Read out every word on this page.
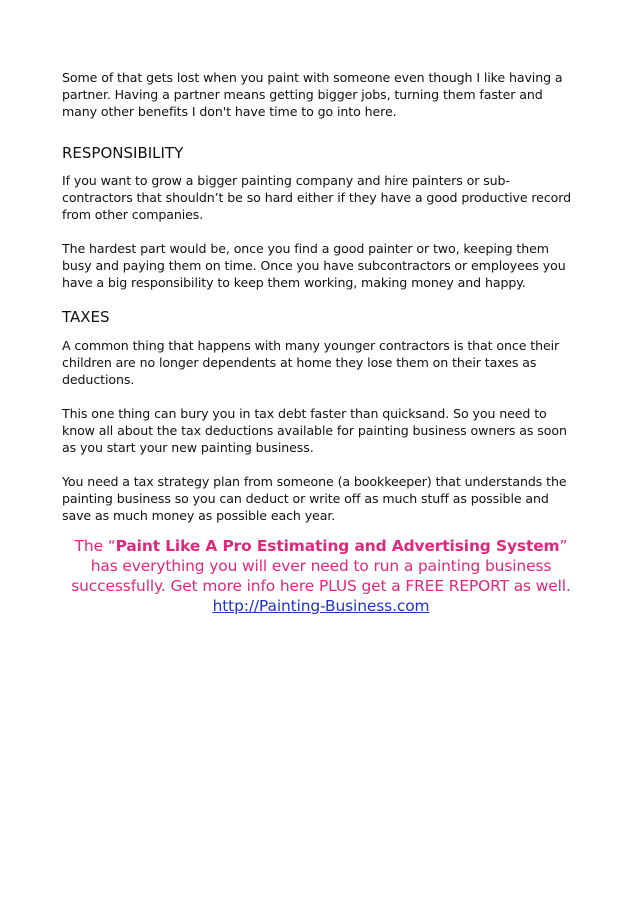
Some of that gets lost when you paint with someone even though I like having a partner. Having a partner means getting bigger jobs, turning them faster and many other benefits I don't have time to go into here.

RESPONSIBILITY

If you want to grow a bigger painting company and hire painters or sub-contractors that shouldn’t be so hard either if they have a good productive record from other companies.

The hardest part would be, once you find a good painter or two, keeping them busy and paying them on time. Once you have subcontractors or employees you have a big responsibility to keep them working, making money and happy.

TAXES

A common thing that happens with many younger contractors is that once their children are no longer dependents at home they lose them on their taxes as deductions.

This one thing can bury you in tax debt faster than quicksand. So you need to know all about the tax deductions available for painting business owners as soon as you start your new painting business.

You need a tax strategy plan from someone (a bookkeeper) that understands the painting business so you can deduct or write off as much stuff as possible and save as much money as possible each year.

The “Paint Like A Pro Estimating and Advertising System” has everything you will ever need to run a painting business successfully. Get more info here PLUS get a FREE REPORT as well. http://Painting-Business.com
